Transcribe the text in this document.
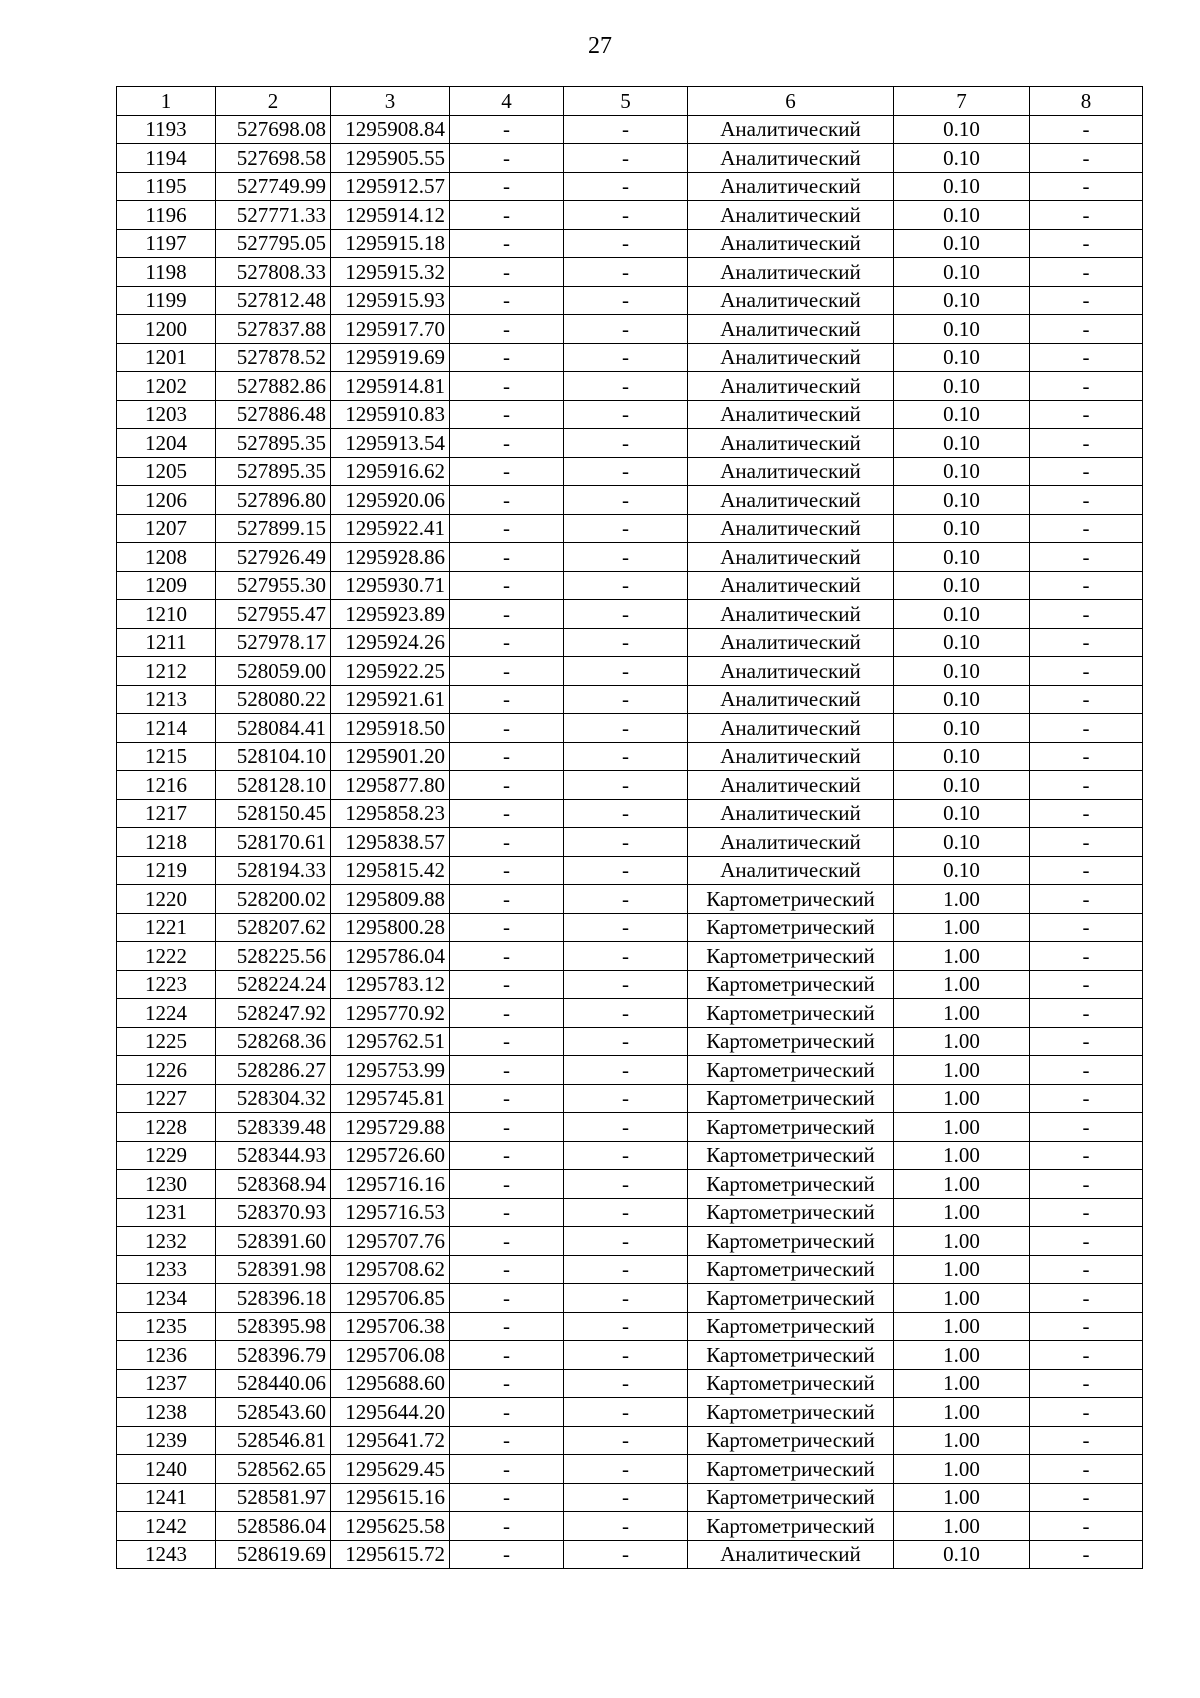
27
1	2	3	4	5	6	7	8
1193	527698.08	1295908.84	-	-	Аналитический	0.10	-
1194	527698.58	1295905.55	-	-	Аналитический	0.10	-
1195	527749.99	1295912.57	-	-	Аналитический	0.10	-
1196	527771.33	1295914.12	-	-	Аналитический	0.10	-
1197	527795.05	1295915.18	-	-	Аналитический	0.10	-
1198	527808.33	1295915.32	-	-	Аналитический	0.10	-
1199	527812.48	1295915.93	-	-	Аналитический	0.10	-
1200	527837.88	1295917.70	-	-	Аналитический	0.10	-
1201	527878.52	1295919.69	-	-	Аналитический	0.10	-
1202	527882.86	1295914.81	-	-	Аналитический	0.10	-
1203	527886.48	1295910.83	-	-	Аналитический	0.10	-
1204	527895.35	1295913.54	-	-	Аналитический	0.10	-
1205	527895.35	1295916.62	-	-	Аналитический	0.10	-
1206	527896.80	1295920.06	-	-	Аналитический	0.10	-
1207	527899.15	1295922.41	-	-	Аналитический	0.10	-
1208	527926.49	1295928.86	-	-	Аналитический	0.10	-
1209	527955.30	1295930.71	-	-	Аналитический	0.10	-
1210	527955.47	1295923.89	-	-	Аналитический	0.10	-
1211	527978.17	1295924.26	-	-	Аналитический	0.10	-
1212	528059.00	1295922.25	-	-	Аналитический	0.10	-
1213	528080.22	1295921.61	-	-	Аналитический	0.10	-
1214	528084.41	1295918.50	-	-	Аналитический	0.10	-
1215	528104.10	1295901.20	-	-	Аналитический	0.10	-
1216	528128.10	1295877.80	-	-	Аналитический	0.10	-
1217	528150.45	1295858.23	-	-	Аналитический	0.10	-
1218	528170.61	1295838.57	-	-	Аналитический	0.10	-
1219	528194.33	1295815.42	-	-	Аналитический	0.10	-
1220	528200.02	1295809.88	-	-	Картометрический	1.00	-
1221	528207.62	1295800.28	-	-	Картометрический	1.00	-
1222	528225.56	1295786.04	-	-	Картометрический	1.00	-
1223	528224.24	1295783.12	-	-	Картометрический	1.00	-
1224	528247.92	1295770.92	-	-	Картометрический	1.00	-
1225	528268.36	1295762.51	-	-	Картометрический	1.00	-
1226	528286.27	1295753.99	-	-	Картометрический	1.00	-
1227	528304.32	1295745.81	-	-	Картометрический	1.00	-
1228	528339.48	1295729.88	-	-	Картометрический	1.00	-
1229	528344.93	1295726.60	-	-	Картометрический	1.00	-
1230	528368.94	1295716.16	-	-	Картометрический	1.00	-
1231	528370.93	1295716.53	-	-	Картометрический	1.00	-
1232	528391.60	1295707.76	-	-	Картометрический	1.00	-
1233	528391.98	1295708.62	-	-	Картометрический	1.00	-
1234	528396.18	1295706.85	-	-	Картометрический	1.00	-
1235	528395.98	1295706.38	-	-	Картометрический	1.00	-
1236	528396.79	1295706.08	-	-	Картометрический	1.00	-
1237	528440.06	1295688.60	-	-	Картометрический	1.00	-
1238	528543.60	1295644.20	-	-	Картометрический	1.00	-
1239	528546.81	1295641.72	-	-	Картометрический	1.00	-
1240	528562.65	1295629.45	-	-	Картометрический	1.00	-
1241	528581.97	1295615.16	-	-	Картометрический	1.00	-
1242	528586.04	1295625.58	-	-	Картометрический	1.00	-
1243	528619.69	1295615.72	-	-	Аналитический	0.10	-
